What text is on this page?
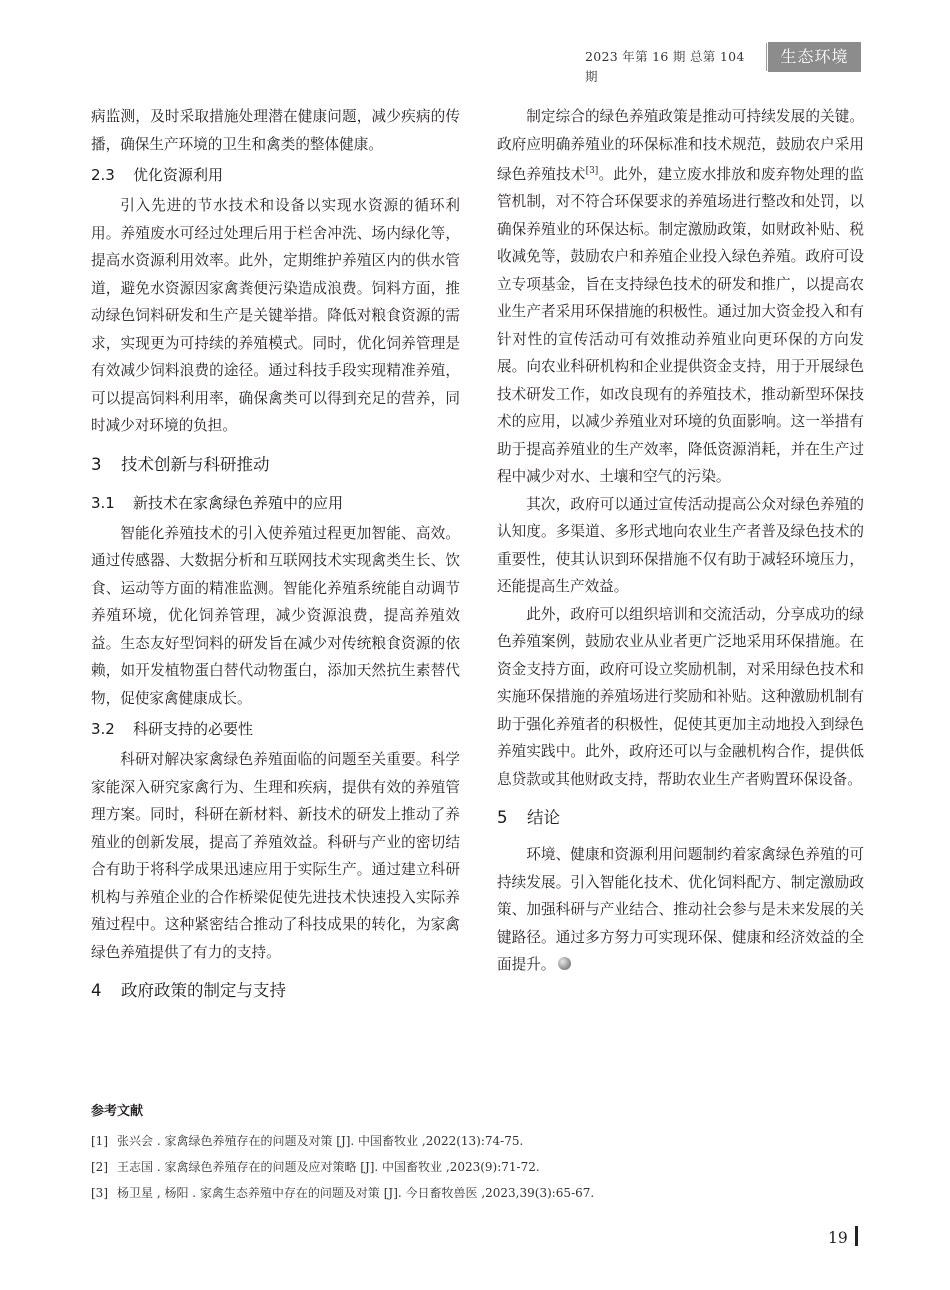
2023 年第 16 期 总第 104 期
生态环境

病监测，及时采取措施处理潜在健康问题，减少疾病的传播，确保生产环境的卫生和禽类的整体健康。

2.3 优化资源利用

引入先进的节水技术和设备以实现水资源的循环利用。养殖废水可经过处理后用于栏舍冲洗、场内绿化等，提高水资源利用效率。此外，定期维护养殖区内的供水管道，避免水资源因家禽粪便污染造成浪费。饲料方面，推动绿色饲料研发和生产是关键举措。降低对粮食资源的需求，实现更为可持续的养殖模式。同时，优化饲养管理是有效减少饲料浪费的途径。通过科技手段实现精准养殖，可以提高饲料利用率，确保禽类可以得到充足的营养，同时减少对环境的负担。

3 技术创新与科研推动
3.1 新技术在家禽绿色养殖中的应用

智能化养殖技术的引入使养殖过程更加智能、高效。通过传感器、大数据分析和互联网技术实现禽类生长、饮食、运动等方面的精准监测。智能化养殖系统能自动调节养殖环境，优化饲养管理，减少资源浪费，提高养殖效益。生态友好型饲料的研发旨在减少对传统粮食资源的依赖，如开发植物蛋白替代动物蛋白，添加天然抗生素替代物，促使家禽健康成长。

3.2 科研支持的必要性

科研对解决家禽绿色养殖面临的问题至关重要。科学家能深入研究家禽行为、生理和疾病，提供有效的养殖管理方案。同时，科研在新材料、新技术的研发上推动了养殖业的创新发展，提高了养殖效益。科研与产业的密切结合有助于将科学成果迅速应用于实际生产。通过建立科研机构与养殖企业的合作桥梁促使先进技术快速投入实际养殖过程中。这种紧密结合推动了科技成果的转化，为家禽绿色养殖提供了有力的支持。

4 政府政策的制定与支持

制定综合的绿色养殖政策是推动可持续发展的关键。政府应明确养殖业的环保标准和技术规范，鼓励农户采用绿色养殖技术[3]。此外，建立废水排放和废弃物处理的监管机制，对不符合环保要求的养殖场进行整改和处罚，以确保养殖业的环保达标。制定激励政策，如财政补贴、税收减免等，鼓励农户和养殖企业投入绿色养殖。政府可设立专项基金，旨在支持绿色技术的研发和推广，以提高农业生产者采用环保措施的积极性。通过加大资金投入和有针对性的宣传活动可有效推动养殖业向更环保的方向发展。向农业科研机构和企业提供资金支持，用于开展绿色技术研发工作，如改良现有的养殖技术，推动新型环保技术的应用，以减少养殖业对环境的负面影响。这一举措有助于提高养殖业的生产效率，降低资源消耗，并在生产过程中减少对水、土壤和空气的污染。

其次，政府可以通过宣传活动提高公众对绿色养殖的认知度。多渠道、多形式地向农业生产者普及绿色技术的重要性，使其认识到环保措施不仅有助于减轻环境压力，还能提高生产效益。

此外，政府可以组织培训和交流活动，分享成功的绿色养殖案例，鼓励农业从业者更广泛地采用环保措施。在资金支持方面，政府可设立奖励机制，对采用绿色技术和实施环保措施的养殖场进行奖励和补贴。这种激励机制有助于强化养殖者的积极性，促使其更加主动地投入到绿色养殖实践中。此外，政府还可以与金融机构合作，提供低息贷款或其他财政支持，帮助农业生产者购置环保设备。

5 结论

环境、健康和资源利用问题制约着家禽绿色养殖的可持续发展。引入智能化技术、优化饲料配方、制定激励政策、加强科研与产业结合、推动社会参与是未来发展的关键路径。通过多方努力可实现环保、健康和经济效益的全面提升。

参考文献
[1] 张兴会 . 家禽绿色养殖存在的问题及对策 [J]. 中国畜牧业 ,2022(13):74-75.
[2] 王志国 . 家禽绿色养殖存在的问题及应对策略 [J]. 中国畜牧业 ,2023(9):71-72.
[3] 杨卫星 , 杨阳 . 家禽生态养殖中存在的问题及对策 [J]. 今日畜牧兽医 ,2023,39(3):65-67.
19
